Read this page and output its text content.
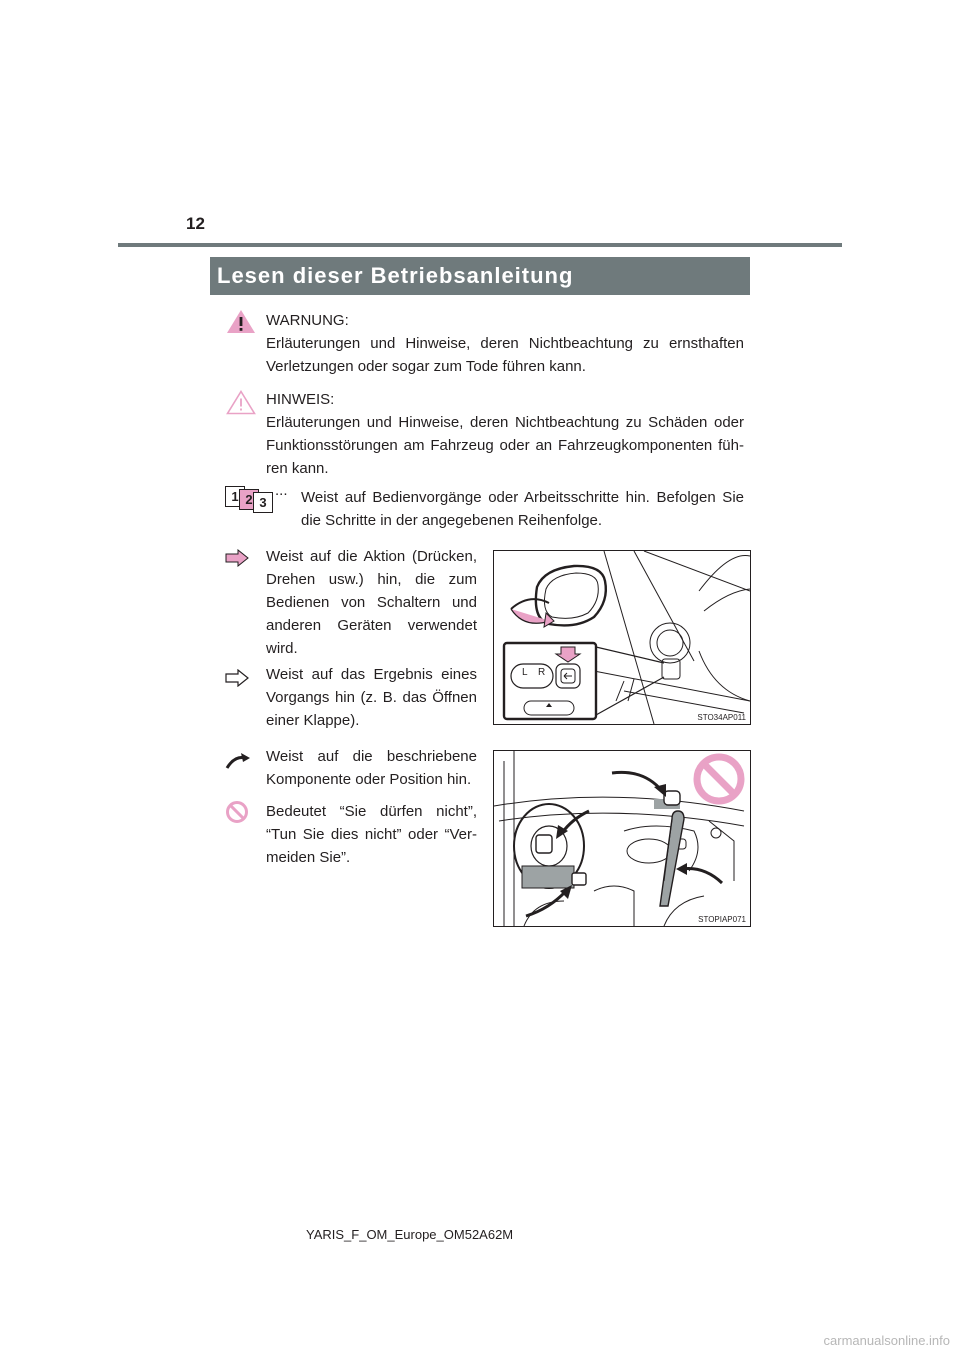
12
Lesen dieser Betriebsanleitung
WARNUNG:
Erläuterungen und Hinweise, deren Nichtbeachtung zu ernsthaften Verletzungen oder sogar zum Tode führen kann.
HINWEIS:
Erläuterungen und Hinweise, deren Nichtbeachtung zu Schäden oder Funktionsstörungen am Fahrzeug oder an Fahrzeugkomponenten füh- ren kann.
1 2 3
... Weist auf Bedienvorgänge oder Arbeitsschritte hin. Befolgen Sie die Schritte in der angegebenen Reihenfolge.
Weist auf die Aktion (Drücken, Drehen usw.) hin, die zum Bedienen von Schaltern und anderen Geräten verwendet wird.
Weist auf das Ergebnis eines Vorgangs hin (z. B. das Öffnen einer Klappe).
Weist auf die beschriebene Komponente oder Position hin.
Bedeutet “Sie dürfen nicht”, “Tun Sie dies nicht” oder “Ver- meiden Sie”.
L R
STO34AP011
STOPIAP071
YARIS_F_OM_Europe_OM52A62M
carmanualsonline.info
